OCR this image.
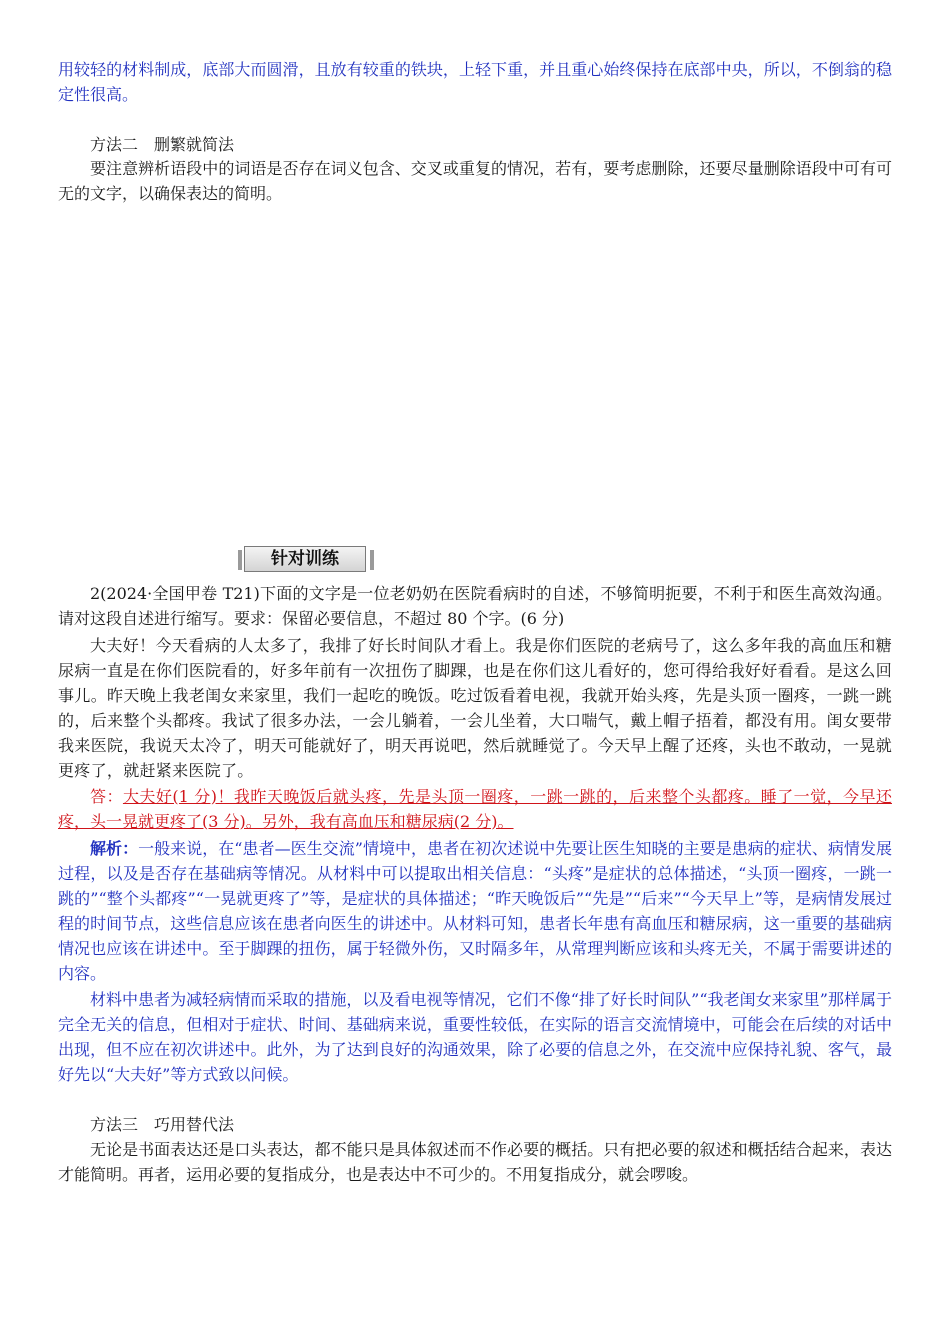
用较轻的材料制成，底部大而圆滑，且放有较重的铁块，上轻下重，并且重心始终保持在底部中央，所以，不倒翁的稳定性很高。

方法二 删繁就简法

要注意辨析语段中的词语是否存在词义包含、交叉或重复的情况，若有，要考虑删除，还要尽量删除语段中可有可无的文字，以确保表达的简明。

针对训练

2(2024·全国甲卷 T21)下面的文字是一位老奶奶在医院看病时的自述，不够简明扼要，不利于和医生高效沟通。请对这段自述进行缩写。要求：保留必要信息，不超过 80 个字。(6 分)

大夫好！今天看病的人太多了，我排了好长时间队才看上。我是你们医院的老病号了，这么多年我的高血压和糖尿病一直是在你们医院看的，好多年前有一次扭伤了脚踝，也是在你们这儿看好的，您可得给我好好看看。是这么回事儿。昨天晚上我老闺女来家里，我们一起吃的晚饭。吃过饭看着电视，我就开始头疼，先是头顶一圈疼，一跳一跳的，后来整个头都疼。我试了很多办法，一会儿躺着，一会儿坐着，大口喘气，戴上帽子捂着，都没有用。闺女要带我来医院，我说天太冷了，明天可能就好了，明天再说吧，然后就睡觉了。今天早上醒了还疼，头也不敢动，一晃就更疼了，就赶紧来医院了。

答：大夫好(1 分)！我昨天晚饭后就头疼，先是头顶一圈疼，一跳一跳的，后来整个头都疼。睡了一觉，今早还疼，头一晃就更疼了(3 分)。另外，我有高血压和糖尿病(2 分)。

解析：一般来说，在“患者—医生交流”情境中，患者在初次述说中先要让医生知晓的主要是患病的症状、病情发展过程，以及是否存在基础病等情况。从材料中可以提取出相关信息：“头疼”是症状的总体描述，“头顶一圈疼，一跳一跳的”“整个头都疼”“一晃就更疼了”等，是症状的具体描述；“昨天晚饭后”“先是”“后来”“今天早上”等，是病情发展过程的时间节点，这些信息应该在患者向医生的讲述中。从材料可知，患者长年患有高血压和糖尿病，这一重要的基础病情况也应该在讲述中。至于脚踝的扭伤，属于轻微外伤，又时隔多年，从常理判断应该和头疼无关，不属于需要讲述的内容。

材料中患者为减轻病情而采取的措施，以及看电视等情况，它们不像“排了好长时间队”“我老闺女来家里”那样属于完全无关的信息，但相对于症状、时间、基础病来说，重要性较低，在实际的语言交流情境中，可能会在后续的对话中出现，但不应在初次讲述中。此外，为了达到良好的沟通效果，除了必要的信息之外，在交流中应保持礼貌、客气，最好先以“大夫好”等方式致以问候。

方法三 巧用替代法

无论是书面表达还是口头表达，都不能只是具体叙述而不作必要的概括。只有把必要的叙述和概括结合起来，表达才能简明。再者，运用必要的复指成分，也是表达中不可少的。不用复指成分，就会啰唆。
